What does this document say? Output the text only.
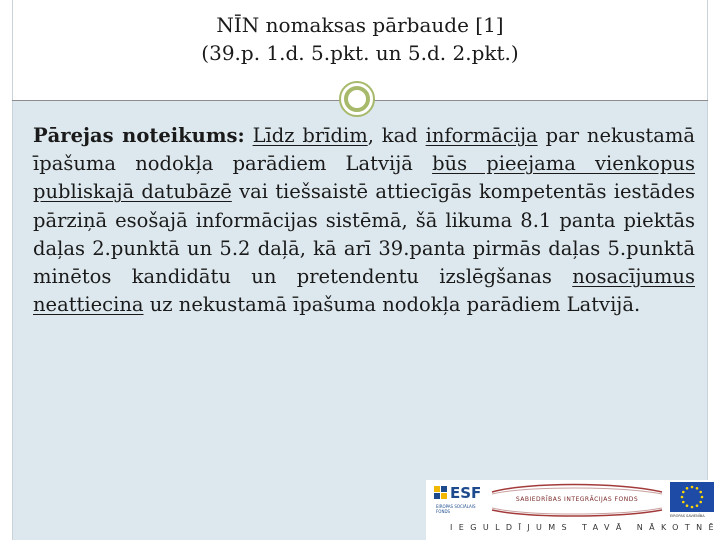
NĪN nomaksas pārbaude [1]
(39.p. 1.d. 5.pkt. un 5.d. 2.pkt.)

Pārejas noteikums: Līdz brīdim, kad informācija par nekustamā īpašuma nodokļa parādiem Latvijā būs pieejama vienkopus publiskajā datubāzē vai tiešsaistē attiecīgās kompetentās iestādes pārziņā esošajā informācijas sistēmā, šā likuma 8.1 panta piektās daļas 2.punktā un 5.2 daļā, kā arī 39.panta pirmās daļas 5.punktā minētos kandidātu un pretendentu izslēgšanas nosacījumus neattiecina uz nekustamā īpašuma nodokļa parādiem Latvijā.

ESF
EIROPAS SOCIĀLAIS FONDS
SABIEDRĪBAS INTEGRĀCIJAS FONDS
EIROPAS SAVIENĪBA
IEGULDĪJUMS TAVĀ NĀKOTNĒ
